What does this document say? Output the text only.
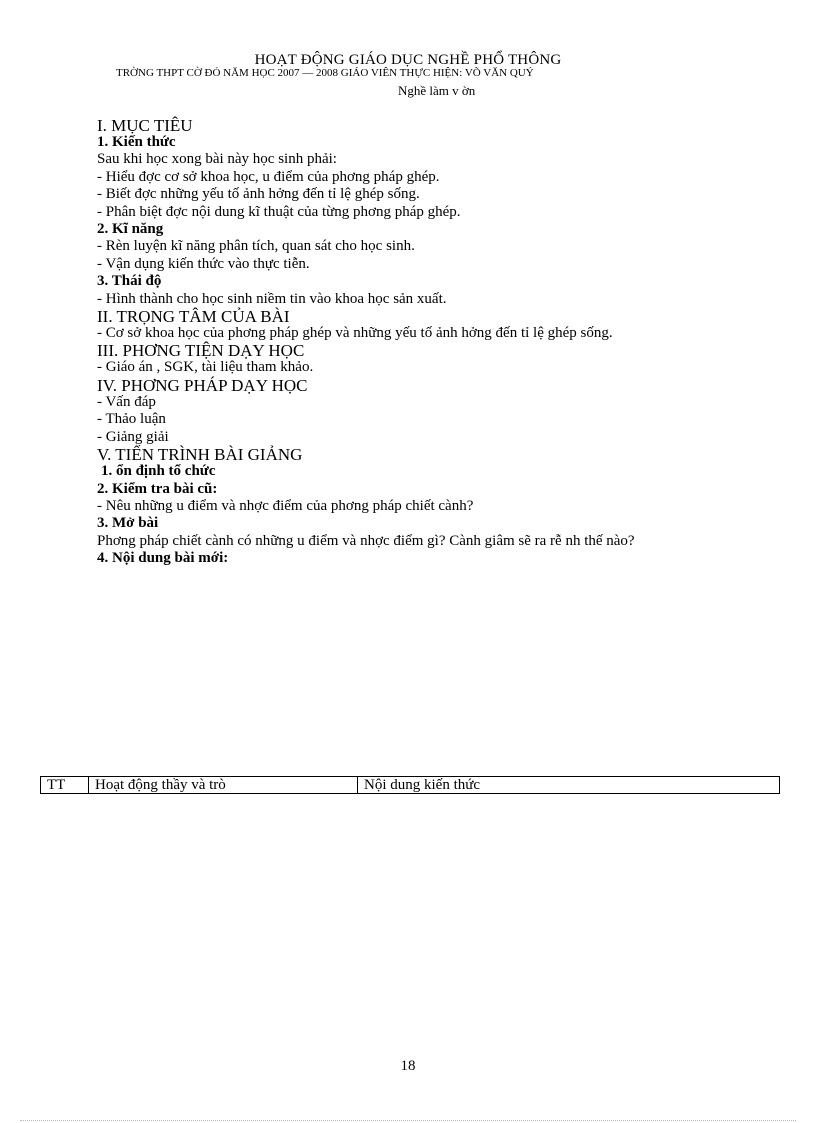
HOẠT ĐỘNG GIÁO DỤC NGHỀ PHỔ THÔNG
TRỜNG THPT CỜ ĐỎ NĂM HỌC 2007 — 2008 GIÁO VIÊN THỰC HIỆN: VÕ VĂN QUÝ
Nghề làm v ờn
I. MỤC TIÊU
1. Kiến thức
Sau khi học xong bài này học sinh phải:
- Hiểu đợc cơ sở khoa học, u điểm của phơng pháp ghép.
- Biết đợc những yếu tố ảnh hởng đến tỉ lệ ghép sống.
- Phân biệt đợc nội dung kĩ thuật của từng phơng pháp ghép.
2. Kĩ năng
- Rèn luyện kĩ năng phân tích, quan sát cho học sinh.
- Vận dụng kiến thức vào thực tiễn.
3. Thái độ
- Hình thành cho học sinh niềm tin vào khoa học sản xuất.
II. TRỌNG TÂM CỦA BÀI
- Cơ sở khoa học của phơng pháp ghép và những yếu tố ảnh hởng đến tỉ lệ ghép sống.
III. PHƠNG TIỆN DẠY HỌC
- Giáo án , SGK, tài liệu tham khảo.
IV. PHƠNG PHÁP DẠY HỌC
- Vấn đáp
- Thảo luận
- Giảng giải
V. TIẾN TRÌNH BÀI GIẢNG
1. ổn định tổ chức
2. Kiểm tra bài cũ:
- Nêu những u điểm và nhợc điểm của phơng pháp chiết cành?
3. Mở bài
Phơng pháp chiết cành có những u điểm và nhợc điểm gì? Cành giâm sẽ ra rễ nh thế nào?
4. Nội dung bài mới:
TT	Hoạt động thầy và trò	Nội dung kiến thức
18
